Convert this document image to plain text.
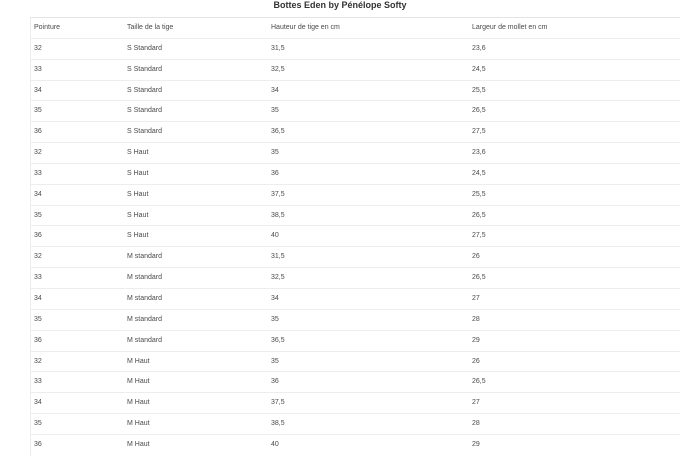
Bottes Eden by Pénélope Softy
Pointure	Taille de la tige	Hauteur de tige en cm	Largeur de mollet en cm
32	S Standard	31,5	23,6
33	S Standard	32,5	24,5
34	S Standard	34	25,5
35	S Standard	35	26,5
36	S Standard	36,5	27,5
32	S Haut	35	23,6
33	S Haut	36	24,5
34	S Haut	37,5	25,5
35	S Haut	38,5	26,5
36	S Haut	40	27,5
32	M standard	31,5	26
33	M standard	32,5	26,5
34	M standard	34	27
35	M standard	35	28
36	M standard	36,5	29
32	M Haut	35	26
33	M Haut	36	26,5
34	M Haut	37,5	27
35	M Haut	38,5	28
36	M Haut	40	29
